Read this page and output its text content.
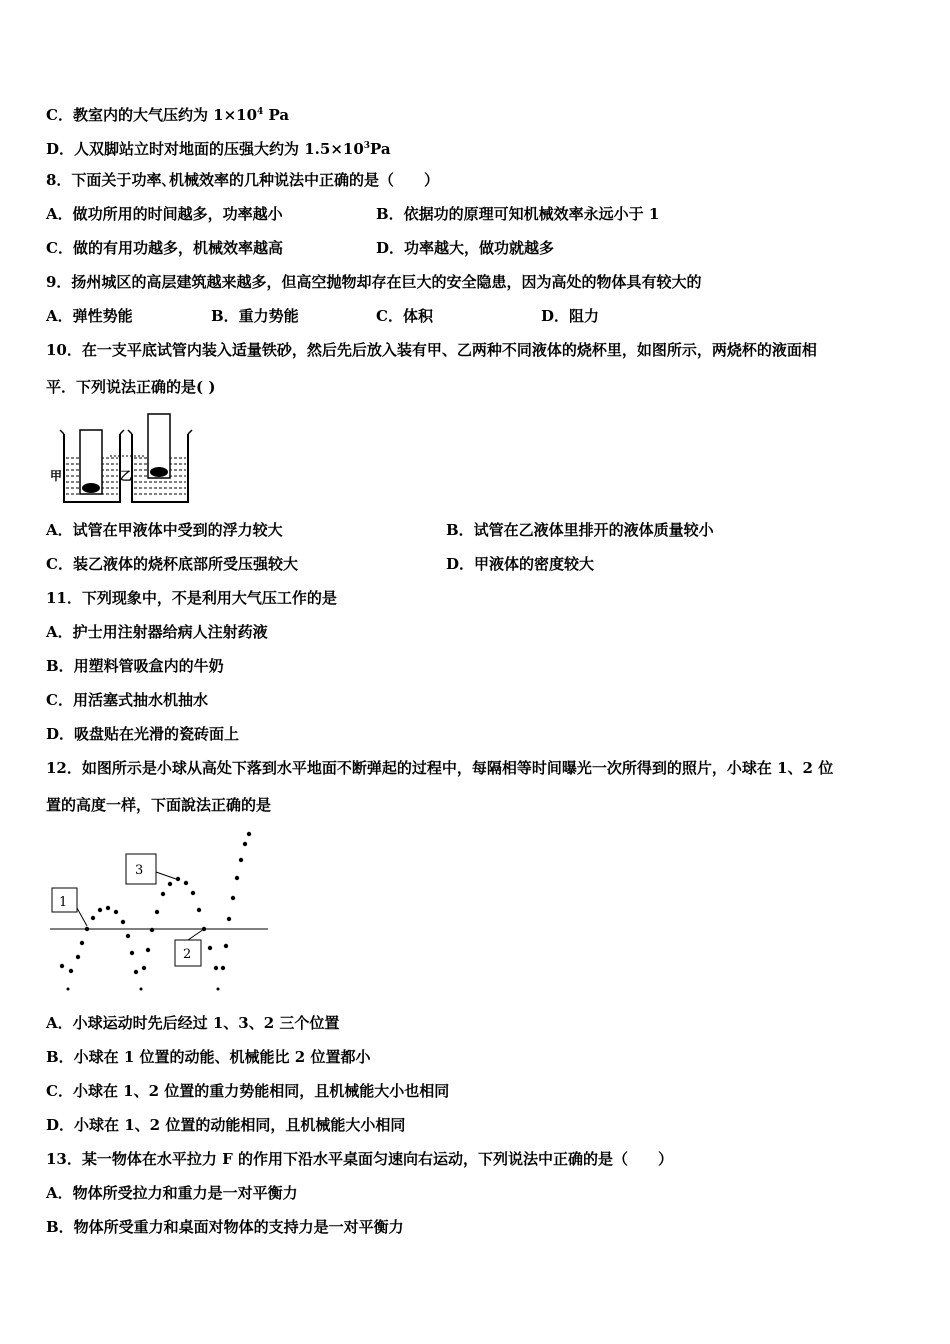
C．教室内的大气压约为 $1\times 10^4$ Pa
D．人双脚站立时对地面的压强大约为 $1.5\times 10^3Pa$
8．下面关于功率､机械效率的几种说法中正确的是（　　）
A．做功所用的时间越多，功率越小	B．依据功的原理可知机械效率永远小于 1
C．做的有用功越多，机械效率越高	D．功率越大，做功就越多
9．扬州城区的高层建筑越来越多，但高空抛物却存在巨大的安全隐患，因为高处的物体具有较大的
A．弹性势能	B．重力势能	C．体积	D．阻力
10．在一支平底试管内装入适量铁砂，然后先后放入装有甲、乙两种不同液体的烧杯里，如图所示，两烧杯的液面相
平．下列说法正确的是( )
甲	乙
A．试管在甲液体中受到的浮力较大	B．试管在乙液体里排开的液体质量较小
C．装乙液体的烧杯底部所受压强较大	D．甲液体的密度较大
11．下列现象中，不是利用大气压工作的是
A．护士用注射器给病人注射药液
B．用塑料管吸盒内的牛奶
C．用活塞式抽水机抽水
D．吸盘贴在光滑的瓷砖面上
12．如图所示是小球从高处下落到水平地面不断弹起的过程中，每隔相等时间曝光一次所得到的照片，小球在 1、2 位
置的高度一样，下面說法正确的是
1
3
2
A．小球运动时先后经过 1、3、2 三个位置
B．小球在 1 位置的动能、机械能比 2 位置都小
C．小球在 1、2 位置的重力势能相同，且机械能大小也相同
D．小球在 1、2 位置的动能相同，且机械能大小相同
13．某一物体在水平拉力 F 的作用下沿水平桌面匀速向右运动，下列说法中正确的是（　　）
A．物体所受拉力和重力是一对平衡力
B．物体所受重力和桌面对物体的支持力是一对平衡力
